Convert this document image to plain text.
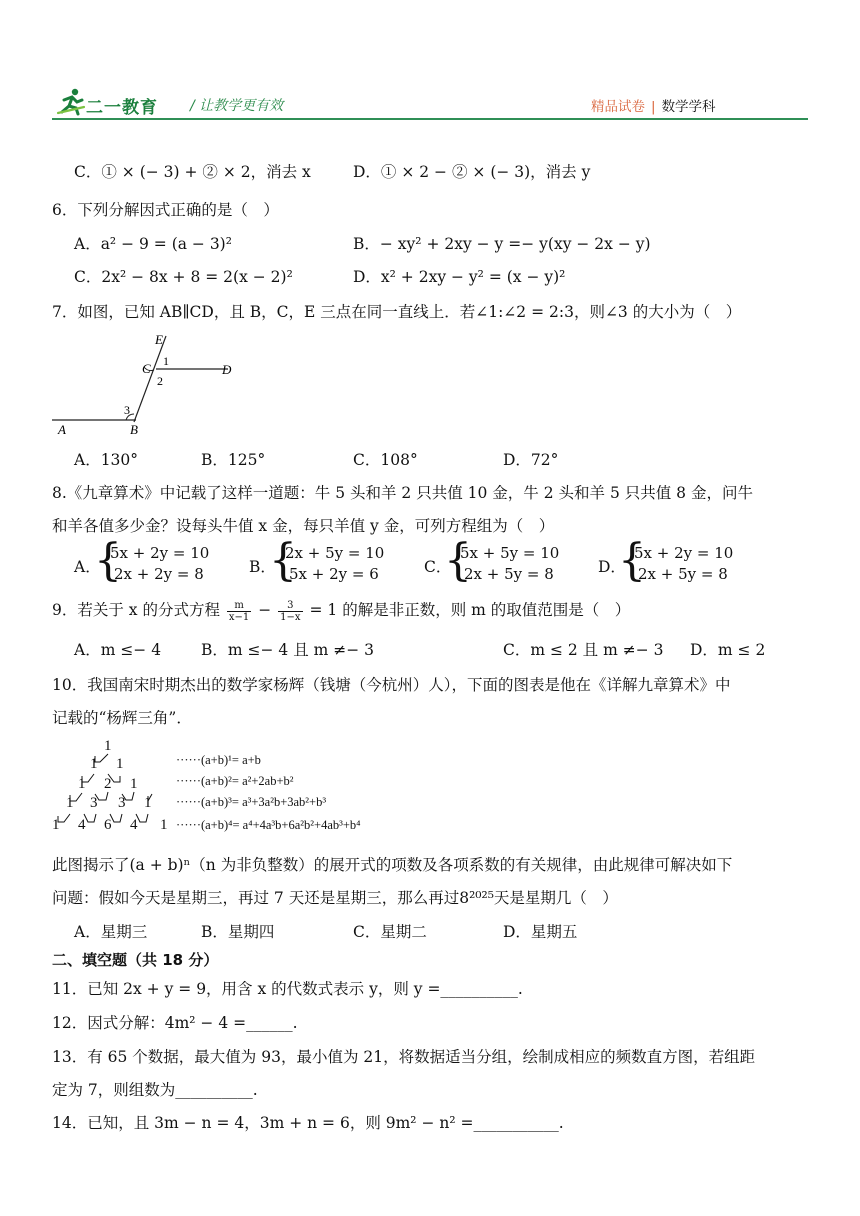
二一教育 / 让教学更有效	精品试卷 | 数学学科
C．① × (− 3) + ② × 2，消去 x	D．① × 2 − ② × (− 3)，消去 y
6．下列分解因式正确的是（　）
A．a² − 9 = (a − 3)²	B．− xy² + 2xy − y =− y(xy − 2x − y)
C．2x² − 8x + 8 = 2(x − 2)²	D．x² + 2xy − y² = (x − y)²
7．如图，已知 AB∥CD，且 B，C，E 三点在同一直线上．若∠1:∠2 = 2:3，则∠3 的大小为（　）
E
C	D
A	B
1
2
3
A．130°	B．125°	C．108°	D．72°
8.《九章算术》中记载了这样一道题：牛 5 头和羊 2 只共值 10 金，牛 2 头和羊 5 只共值 8 金，问牛
和羊各值多少金？设每头牛值 x 金，每只羊值 y 金，可列方程组为（　）
A．
{
5x + 2y = 10
2x + 2y = 8	B．
{
2x + 5y = 10
5x + 2y = 6	C．
{
5x + 5y = 10
2x + 5y = 8	D．
{
5x + 2y = 10
2x + 5y = 8
9．若关于 x 的分式方程 $\frac{m}{x-1} - \frac{3}{1-x} = 1$ 的解是非正数，则 m 的取值范围是（　）
A．m ≤− 4	B．m ≤− 4 且 m ≠− 3	C．m ≤ 2 且 m ≠− 3 D．m ≤ 2
10．我国南宋时期杰出的数学家杨辉（钱塘（今杭州）人），下面的图表是他在《详解九章算术》中
记载的“杨辉三角”．
1
1 1
1 2 1
1 3 3 1
1 4 6 4 1
······(a+b)¹= a+b
······(a+b)²= a²+2ab+b²
······(a+b)³= a³+3a²b+3ab²+b³
······(a+b)⁴= a⁴+4a³b+6a²b²+4ab³+b⁴
此图揭示了(a + b)ⁿ（n 为非负整数）的展开式的项数及各项系数的有关规律，由此规律可解决如下
问题：假如今天是星期三，再过 7 天还是星期三，那么再过8²⁰²⁵天是星期几（　）
A．星期三	B．星期四	C．星期二	D．星期五
二、填空题（共 18 分）
11．已知 2x + y = 9，用含 x 的代数式表示 y，则 y =__________.
12．因式分解：4m² − 4 =______.
13．有 65 个数据，最大值为 93，最小值为 21，将数据适当分组，绘制成相应的频数直方图，若组距
定为 7，则组数为__________.
14．已知，且 3m − n = 4，3m + n = 6，则 9m² − n² =___________.
